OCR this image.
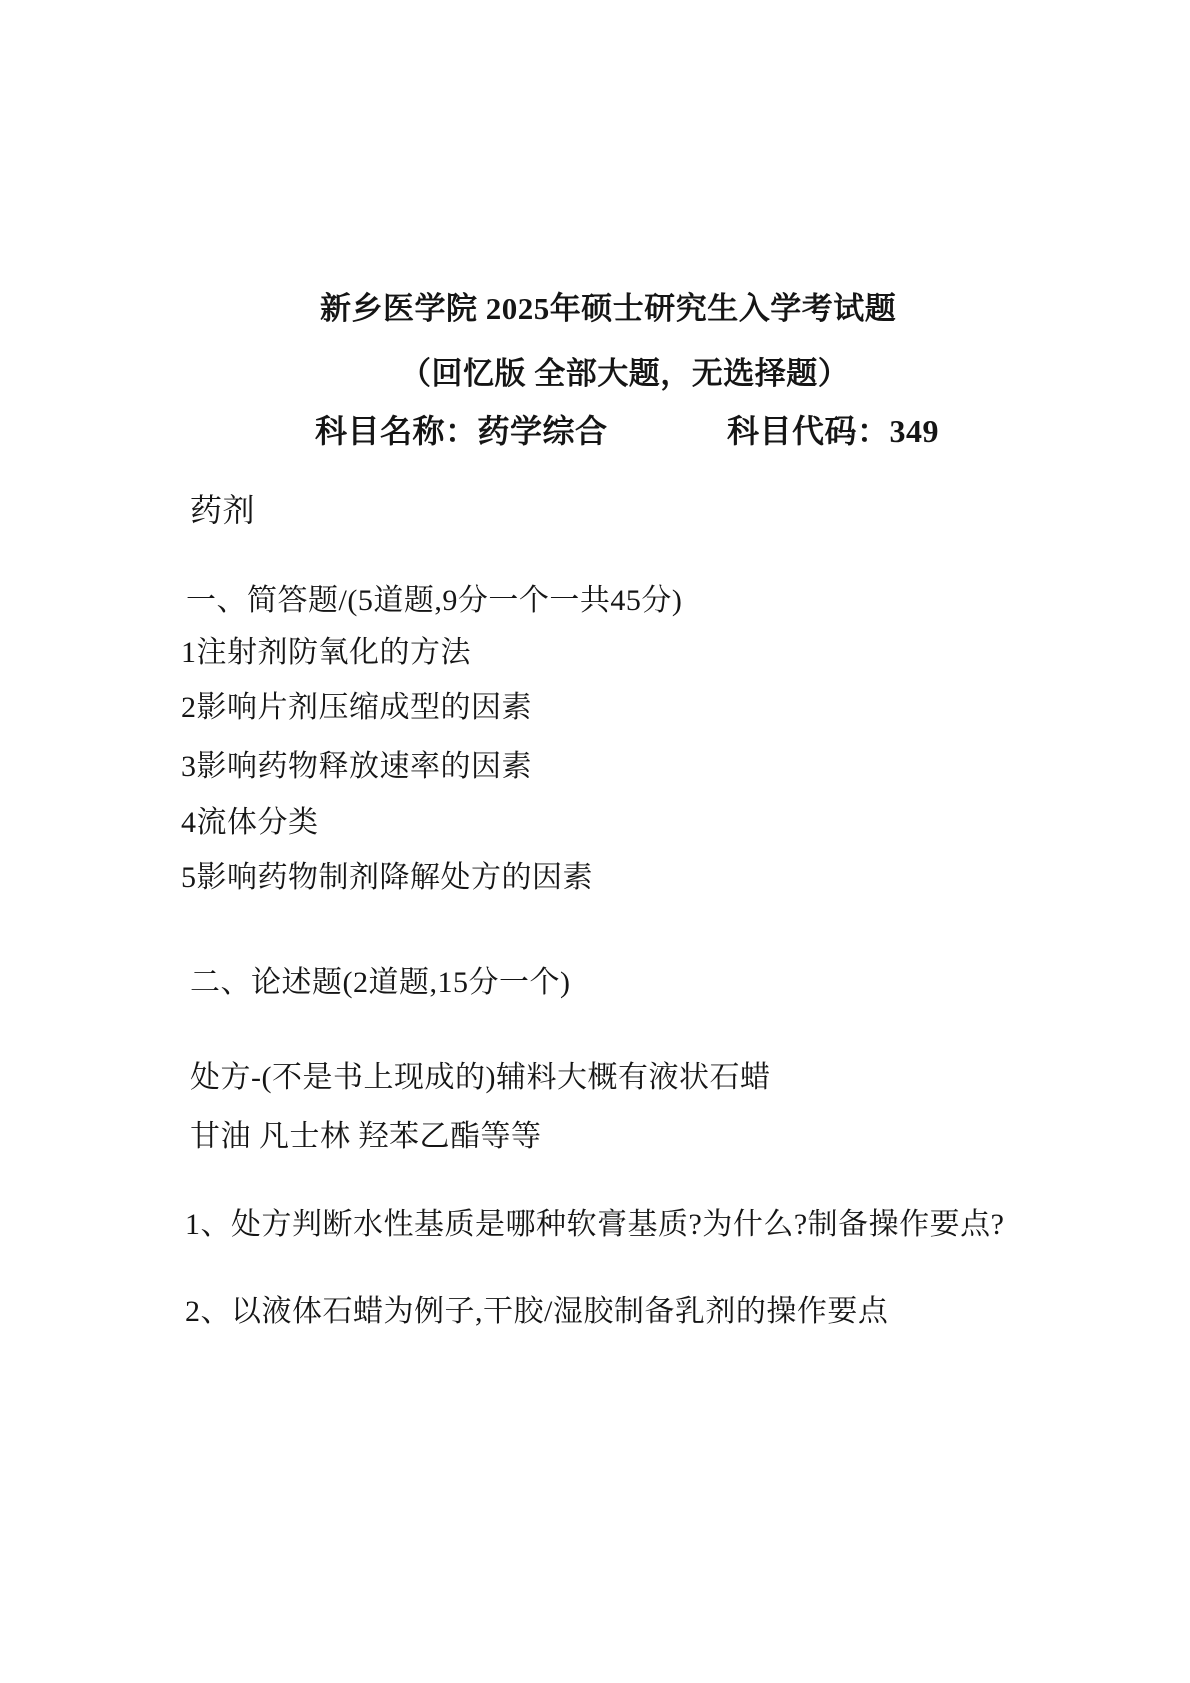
新乡医学院 2025年硕士研究生入学考试题
（回忆版 全部大题，无选择题）
科目名称：药学综合	科目代码：349
药剂
一、简答题/(5道题,9分一个一共45分)
1注射剂防氧化的方法
2影响片剂压缩成型的因素
3影响药物释放速率的因素
4流体分类
5影响药物制剂降解处方的因素
二、论述题(2道题,15分一个)
处方-(不是书上现成的)辅料大概有液状石蜡
甘油 凡士林 羟苯乙酯等等
1、处方判断水性基质是哪种软膏基质?为什么?制备操作要点?
2、以液体石蜡为例子,干胶/湿胶制备乳剂的操作要点
